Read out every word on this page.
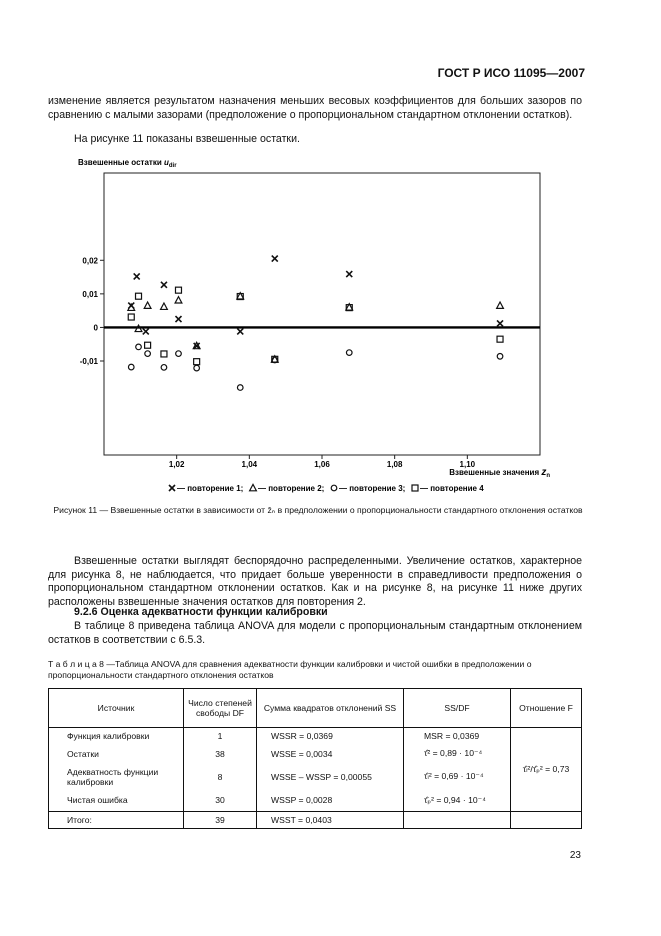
ГОСТ Р ИСО 11095—2007
изменение является результатом назначения меньших весовых коэффициентов для больших зазоров по сравнению с малыми зазорами (предположение о пропорциональном стандартном отклонении остатков).
На рисунке 11 показаны взвешенные остатки.
Взвешенные остатки $u_{dir}$
0,02
0,01
0
-0,01
1,02	1,04	1,06	1,08	1,10
Взвешенные значения $z_n$
— повторение 1; — повторение 2; — повторение 3; — повторение 4
Рисунок 11 — Взвешенные остатки в зависимости от ẑₙ в предположении о пропорциональности стандартного отклонения остатков
Взвешенные остатки выглядят беспорядочно распределенными. Увеличение остатков, характерное для рисунка 8, не наблюдается, что придает больше уверенности в справедливости предположения о пропорциональном стандартном отклонении остатков. Как и на рисунке 8, на рисунке 11 ниже других расположены взвешенные значения остатков для повторения 2.
9.2.6 Оценка адекватности функции калибровки
В таблице 8 приведена таблица ANOVA для модели с пропорциональным стандартным отклонением остатков в соответствии с 6.5.3.
Т а б л и ц а 8 —Таблица ANOVA для сравнения адекватности функции калибровки и чистой ошибки в предположении о пропорциональности стандартного отклонения остатков
Источник	Число степеней свободы DF	Сумма квадратов отклонений SS	SS/DF	Отношение F
Функция калибровки	1	WSSR = 0,0369	MSR = 0,0369	τ̂ₗ²/τ̂ₚ² = 0,73
Остатки	38	WSSE = 0,0034	τ̂² = 0,89 · 10⁻⁴	
Адекватность функции калибровки	8	WSSE – WSSP = 0,00055	τ̂ₗ² = 0,69 · 10⁻⁴	
Чистая ошибка	30	WSSP = 0,0028	τ̂ₚ² = 0,94 · 10⁻⁴	
Итого:	39	WSST = 0,0403		
23
